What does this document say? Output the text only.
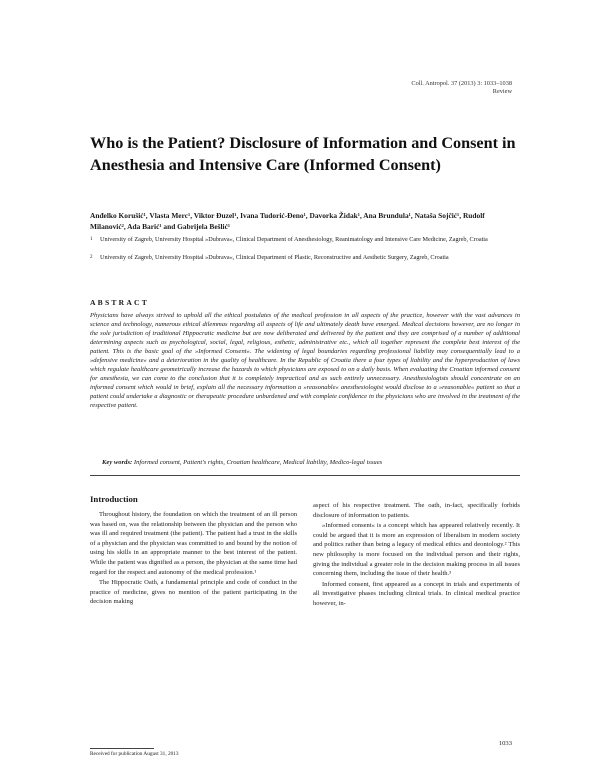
Coll. Antropol. 37 (2013) 3: 1033–1038
Review
Who is the Patient? Disclosure of Information and Consent in Anesthesia and Intensive Care (Informed Consent)
Anđelko Korušić¹, Vlasta Merc¹, Viktor Đuzel¹, Ivana Tudorić-Đeno¹, Davorka Židak¹, Ana Brundula¹, Nataša Sojčić¹, Rudolf Milanović², Ada Barić¹ and Gabrijela Bešlić¹
1 University of Zagreb, University Hospital »Dubrava«, Clinical Department of Anesthesiology, Reanimatology and Intensive Care Medicine, Zagreb, Croatia
2 University of Zagreb, University Hospital »Dubrava«, Clinical Department of Plastic, Reconstructive and Aesthetic Surgery, Zagreb, Croatia
ABSTRACT
Physicians have always strived to uphold all the ethical postulates of the medical profession in all aspects of the practice, however with the vast advances in science and technology, numerous ethical dilemmas regarding all aspects of life and ultimately death have emerged. Medical decisions however, are no longer in the sole jurisdiction of traditional Hippocratic medicine but are now deliberated and delivered by the patient and they are comprised of a number of additional determining aspects such as psychological, social, legal, religious, esthetic, administrative etc., which all together represent the complete best interest of the patient. This is the basic goal of the »Informed Consent«. The widening of legal boundaries regarding professional liability may consequentially lead to a »defensive medicine« and a deterioration in the quality of healthcare. In the Republic of Croatia there a four types of liability and the hyperproduction of laws which regulate healthcare geometrically increase the hazards to which physicians are exposed to on a daily basis. When evaluating the Croatian informed consent for anesthesia, we can come to the conclusion that it is completely impractical and as such entirely unnecessary. Anesthesiologists should concentrate on an informed consent which would in brief, explain all the necessary information a »reasonable« anesthesiologist would disclose to a »reasonable« patient so that a patient could undertake a diagnostic or therapeutic procedure unburdened and with complete confidence in the physicians who are involved in the treatment of the respective patient.
Key words: Informed consent, Patient's rights, Croatian healthcare, Medical liability, Medico-legal issues
Introduction

Throughout history, the foundation on which the treatment of an ill person was based on, was the relationship between the physician and the person who was ill and required treatment (the patient). The patient had a trust in the skills of a physician and the physician was committed to and bound by the notion of using his skills in an appropriate manner to the best interest of the patient. While the patient was dignified as a person, the physician at the same time had regard for the respect and autonomy of the medical profession.¹

The Hippocratic Oath, a fundamental principle and code of conduct in the practice of medicine, gives no mention of the patient participating in the decision making

aspect of his respective treatment. The oath, in-fact, specifically forbids disclosure of information to patients.

»Informed consent« is a concept which has appeared relatively recently. It could be argued that it is more an expression of liberalism in modern society and politics rather than being a legacy of medical ethics and deontology.² This new philosophy is more focused on the individual person and their rights, giving the individual a greater role in the decision making process in all issues concerning them, including the issue of their health.³

Informed consent, first appeared as a concept in trials and experiments of all investigative phases including clinical trials. In clinical medical practice however, in-

Received for publication August 31, 2013
1033
